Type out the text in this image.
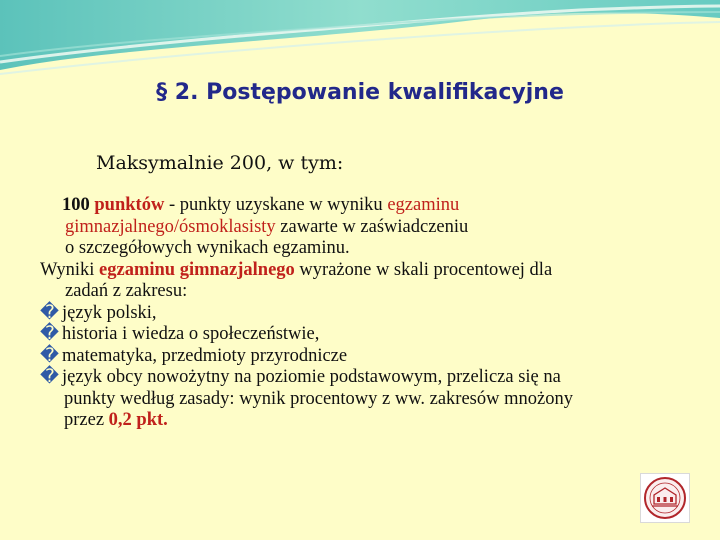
§ 2. Postępowanie kwalifikacyjne
Maksymalnie 200, w tym:
100 punktów - punkty uzyskane w wyniku egzaminu
gimnazjalnego/ósmoklasisty zawarte w zaświadczeniu
o szczegółowych wynikach egzaminu.
Wyniki egzaminu gimnazjalnego wyrażone w skali procentowej dla
zadań z zakresu:
� język polski,
� historia i wiedza o społeczeństwie,
� matematyka, przedmioty przyrodnicze
� język obcy nowożytny na poziomie podstawowym, przelicza się na
punkty według zasady: wynik procentowy z ww. zakresów mnożony
przez 0,2 pkt.
